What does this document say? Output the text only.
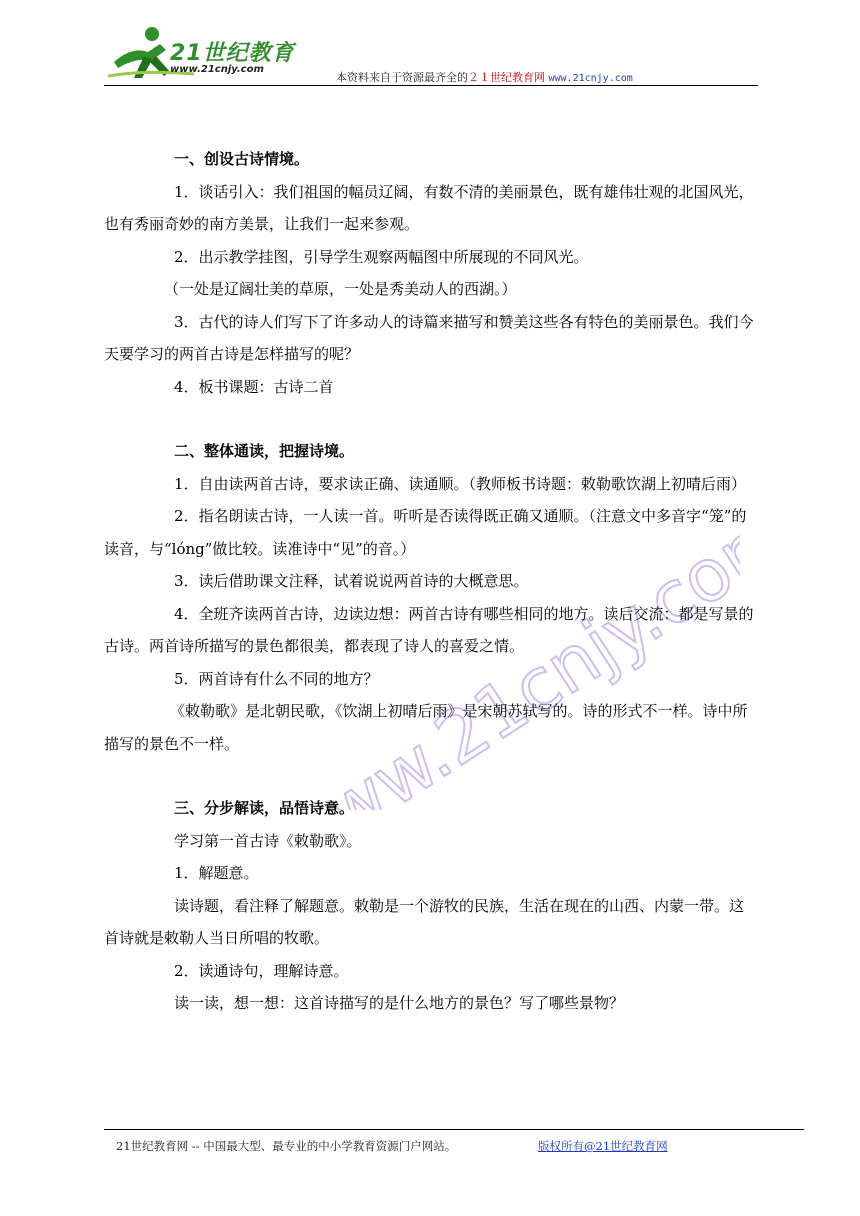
21世纪教育
www.21cnjy.com
本资料来自于资源最齐全的２１世纪教育网 www.21cnjy.com
www.21cnjy.com

一、创设古诗情境。

1．谈话引入：我们祖国的幅员辽阔，有数不清的美丽景色，既有雄伟壮观的北国风光，也有秀丽奇妙的南方美景，让我们一起来参观。

2．出示教学挂图，引导学生观察两幅图中所展现的不同风光。

（一处是辽阔壮美的草原，一处是秀美动人的西湖。）

3．古代的诗人们写下了许多动人的诗篇来描写和赞美这些各有特色的美丽景色。我们今天要学习的两首古诗是怎样描写的呢？

4．板书课题：古诗二首

二、整体通读，把握诗境。

1．自由读两首古诗，要求读正确、读通顺。（教师板书诗题：敕勒歌饮湖上初晴后雨）

2．指名朗读古诗，一人读一首。听听是否读得既正确又通顺。（注意文中多音字“笼”的读音，与“lóng”做比较。读准诗中“见”的音。）

3．读后借助课文注释，试着说说两首诗的大概意思。

4．全班齐读两首古诗，边读边想：两首古诗有哪些相同的地方。读后交流：都是写景的古诗。两首诗所描写的景色都很美，都表现了诗人的喜爱之情。

5．两首诗有什么不同的地方？

《敕勒歌》是北朝民歌，《饮湖上初晴后雨》是宋朝苏轼写的。诗的形式不一样。诗中所描写的景色不一样。

三、分步解读，品悟诗意。

学习第一首古诗《敕勒歌》。

1．解题意。

读诗题，看注释了解题意。敕勒是一个游牧的民族，生活在现在的山西、内蒙一带。这首诗就是敕勒人当日所唱的牧歌。

2．读通诗句，理解诗意。

读一读，想一想：这首诗描写的是什么地方的景色？写了哪些景物？

21世纪教育网 -- 中国最大型、最专业的中小学教育资源门户网站。	版权所有@21世纪教育网
